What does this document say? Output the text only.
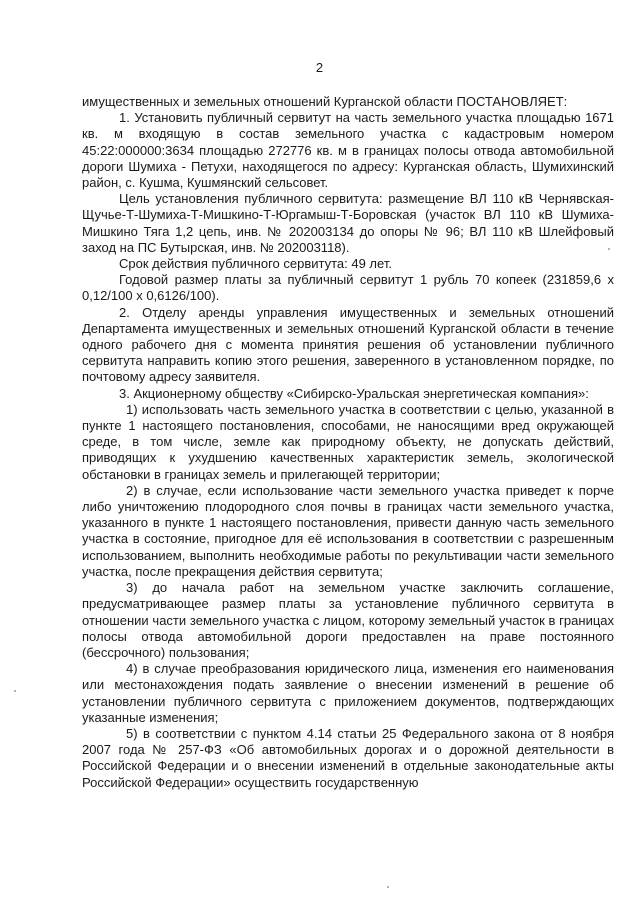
2

имущественных и земельных отношений Курганской области ПОСТАНОВЛЯЕТ:

1. Установить публичный сервитут на часть земельного участка площадью 1671 кв. м входящую в состав земельного участка с кадастровым номером 45:22:000000:3634 площадью 272776 кв. м в границах полосы отвода автомобильной дороги Шумиха - Петухи, находящегося по адресу: Курганская область, Шумихинский район, с. Кушма, Кушмянский сельсовет.

Цель установления публичного сервитута: размещение ВЛ 110 кВ Чернявская-Щучье-Т-Шумиха-Т-Мишкино-Т-Юргамыш-Т-Боровская (участок ВЛ 110 кВ Шумиха-Мишкино Тяга 1,2 цепь, инв. № 202003134 до опоры № 96; ВЛ 110 кВ Шлейфовый заход на ПС Бутырская, инв. № 202003118).

Срок действия публичного сервитута: 49 лет.

Годовой размер платы за публичный сервитут 1 рубль 70 копеек (231859,6 х 0,12/100 х 0,6126/100).

2. Отделу аренды управления имущественных и земельных отношений Департамента имущественных и земельных отношений Курганской области в течение одного рабочего дня с момента принятия решения об установлении публичного сервитута направить копию этого решения, заверенного в установленном порядке, по почтовому адресу заявителя.

3. Акционерному обществу «Сибирско-Уральская энергетическая компания»:

1) использовать часть земельного участка в соответствии с целью, указанной в пункте 1 настоящего постановления, способами, не наносящими вред окружающей среде, в том числе, земле как природному объекту, не допускать действий, приводящих к ухудшению качественных характеристик земель, экологической обстановки в границах земель и прилегающей территории;

2) в случае, если использование части земельного участка приведет к порче либо уничтожению плодородного слоя почвы в границах части земельного участка, указанного в пункте 1 настоящего постановления, привести данную часть земельного участка в состояние, пригодное для её использования в соответствии с разрешенным использованием, выполнить необходимые работы по рекультивации части земельного участка, после прекращения действия сервитута;

3) до начала работ на земельном участке заключить соглашение, предусматривающее размер платы за установление публичного сервитута в отношении части земельного участка с лицом, которому земельный участок в границах полосы отвода автомобильной дороги предоставлен на праве постоянного (бессрочного) пользования;

4) в случае преобразования юридического лица, изменения его наименования или местонахождения подать заявление о внесении изменений в решение об установлении публичного сервитута с приложением документов, подтверждающих указанные изменения;

5) в соответствии с пунктом 4.14 статьи 25 Федерального закона от 8 ноября 2007 года № 257-ФЗ «Об автомобильных дорогах и о дорожной деятельности в Российской Федерации и о внесении изменений в отдельные законодательные акты Российской Федерации» осуществить государственную
